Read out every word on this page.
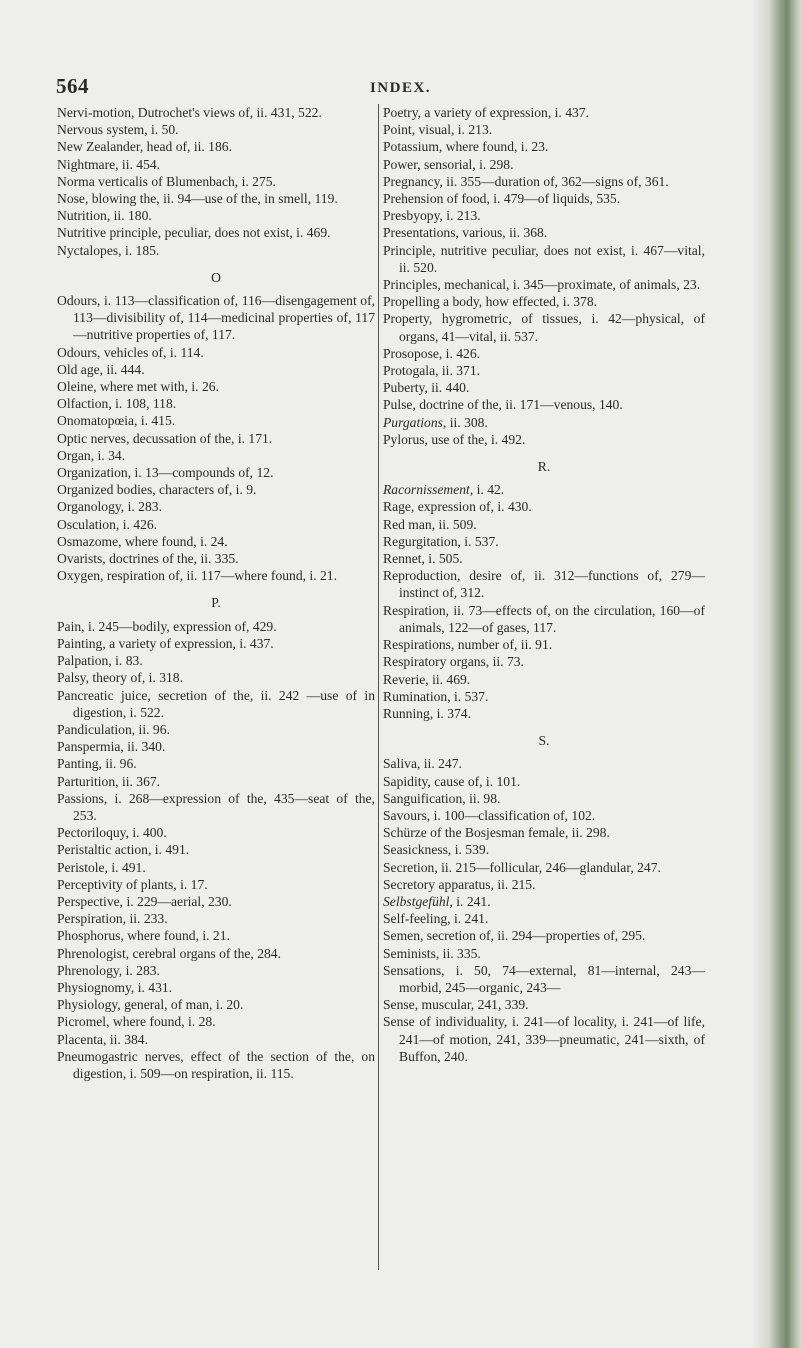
564	INDEX.
Nervi-motion, Dutrochet's views of, ii. 431, 522.
Nervous system, i. 50.
New Zealander, head of, ii. 186.
Nightmare, ii. 454.
Norma verticalis of Blumenbach, i. 275.
Nose, blowing the, ii. 94—use of the, in smell, 119.
Nutrition, ii. 180.
Nutritive principle, peculiar, does not exist, i. 469.
Nyctalopes, i. 185.
O
Odours, i. 113—classification of, 116—disengagement of, 113—divisibility of, 114—medicinal properties of, 117—nutritive properties of, 117.
Odours, vehicles of, i. 114.
Old age, ii. 444.
Oleine, where met with, i. 26.
Olfaction, i. 108, 118.
Onomatopœia, i. 415.
Optic nerves, decussation of the, i. 171.
Organ, i. 34.
Organization, i. 13—compounds of, 12.
Organized bodies, characters of, i. 9.
Organology, i. 283.
Osculation, i. 426.
Osmazome, where found, i. 24.
Ovarists, doctrines of the, ii. 335.
Oxygen, respiration of, ii. 117—where found, i. 21.
P.
Pain, i. 245—bodily, expression of, 429.
Painting, a variety of expression, i. 437.
Palpation, i. 83.
Palsy, theory of, i. 318.
Pancreatic juice, secretion of the, ii. 242 —use of in digestion, i. 522.
Pandiculation, ii. 96.
Panspermia, ii. 340.
Panting, ii. 96.
Parturition, ii. 367.
Passions, i. 268—expression of the, 435—seat of the, 253.
Pectoriloquy, i. 400.
Peristaltic action, i. 491.
Peristole, i. 491.
Perceptivity of plants, i. 17.
Perspective, i. 229—aerial, 230.
Perspiration, ii. 233.
Phosphorus, where found, i. 21.
Phrenologist, cerebral organs of the, 284.
Phrenology, i. 283.
Physiognomy, i. 431.
Physiology, general, of man, i. 20.
Picromel, where found, i. 28.
Placenta, ii. 384.
Pneumogastric nerves, effect of the section of the, on digestion, i. 509—on respiration, ii. 115.
Poetry, a variety of expression, i. 437.
Point, visual, i. 213.
Potassium, where found, i. 23.
Power, sensorial, i. 298.
Pregnancy, ii. 355—duration of, 362—signs of, 361.
Prehension of food, i. 479—of liquids, 535.
Presbyopy, i. 213.
Presentations, various, ii. 368.
Principle, nutritive peculiar, does not exist, i. 467—vital, ii. 520.
Principles, mechanical, i. 345—proximate, of animals, 23.
Propelling a body, how effected, i. 378.
Property, hygrometric, of tissues, i. 42—physical, of organs, 41—vital, ii. 537.
Prosopose, i. 426.
Protogala, ii. 371.
Puberty, ii. 440.
Pulse, doctrine of the, ii. 171—venous, 140.
Purgations, ii. 308.
Pylorus, use of the, i. 492.
R.
Racornissement, i. 42.
Rage, expression of, i. 430.
Red man, ii. 509.
Regurgitation, i. 537.
Rennet, i. 505.
Reproduction, desire of, ii. 312—functions of, 279—instinct of, 312.
Respiration, ii. 73—effects of, on the circulation, 160—of animals, 122—of gases, 117.
Respirations, number of, ii. 91.
Respiratory organs, ii. 73.
Reverie, ii. 469.
Rumination, i. 537.
Running, i. 374.
S.
Saliva, ii. 247.
Sapidity, cause of, i. 101.
Sanguification, ii. 98.
Savours, i. 100—classification of, 102.
Schürze of the Bosjesman female, ii. 298.
Seasickness, i. 539.
Secretion, ii. 215—follicular, 246—glandular, 247.
Secretory apparatus, ii. 215.
Selbstgefühl, i. 241.
Self-feeling, i. 241.
Semen, secretion of, ii. 294—properties of, 295.
Seminists, ii. 335.
Sensations, i. 50, 74—external, 81—internal, 243—morbid, 245—organic, 243—
Sense, muscular, 241, 339.
Sense of individuality, i. 241—of locality, i. 241—of life, 241—of motion, 241, 339—pneumatic, 241—sixth, of Buffon, 240.
